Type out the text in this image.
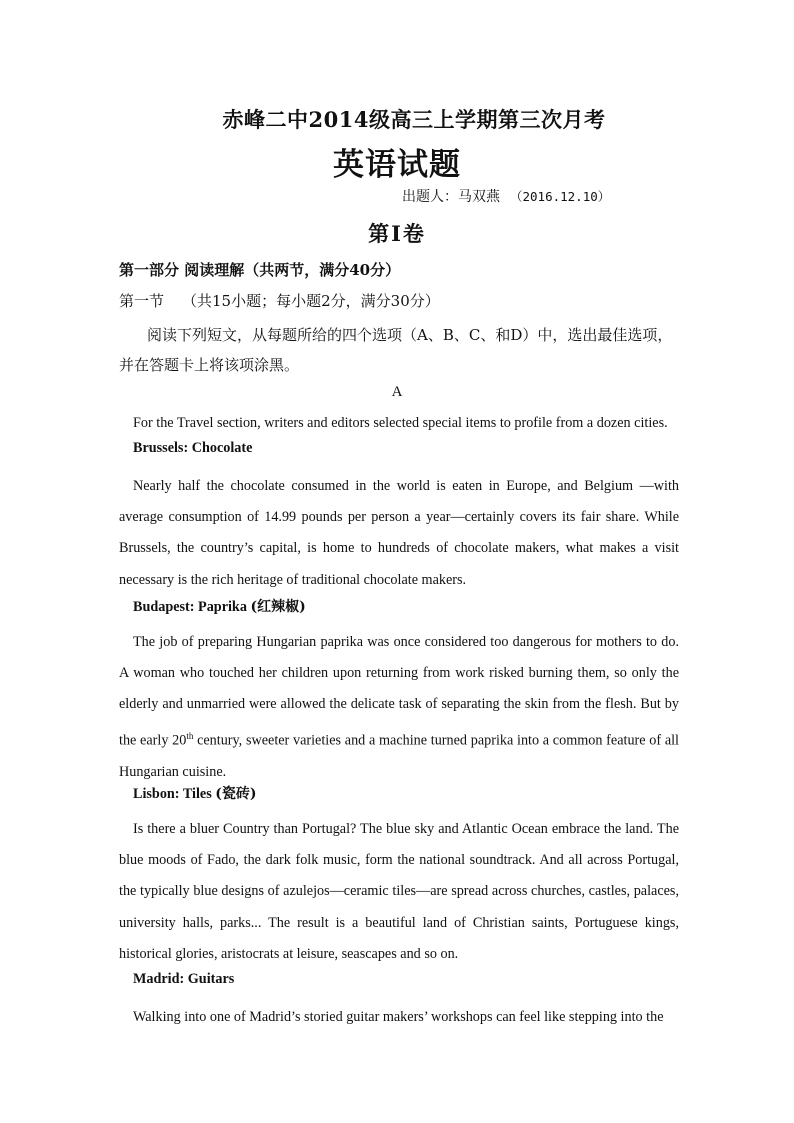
赤峰二中2014级高三上学期第三次月考
英语试题
出题人：马双燕 （2016.12.10）
第Ⅰ卷
第一部分 阅读理解（共两节，满分40分）
第一节 （共15小题；每小题2分，满分30分）
阅读下列短文，从每题所给的四个选项（A、B、C、和D）中，选出最佳选项，并在答题卡上将该项涂黑。
A
For the Travel section, writers and editors selected special items to profile from a dozen cities.
Brussels: Chocolate
Nearly half the chocolate consumed in the world is eaten in Europe, and Belgium —with average consumption of 14.99 pounds per person a year—certainly covers its fair share. While Brussels, the country’s capital, is home to hundreds of chocolate makers, what makes a visit necessary is the rich heritage of traditional chocolate makers.
Budapest: Paprika (红辣椒)
The job of preparing Hungarian paprika was once considered too dangerous for mothers to do. A woman who touched her children upon returning from work risked burning them, so only the elderly and unmarried were allowed the delicate task of separating the skin from the flesh. But by the early 20th century, sweeter varieties and a machine turned paprika into a common feature of all Hungarian cuisine.
Lisbon: Tiles (瓷砖)
Is there a bluer Country than Portugal? The blue sky and Atlantic Ocean embrace the land. The blue moods of Fado, the dark folk music, form the national soundtrack. And all across Portugal, the typically blue designs of azulejos—ceramic tiles—are spread across churches, castles, palaces, university halls, parks... The result is a beautiful land of Christian saints, Portuguese kings, historical glories, aristocrats at leisure, seascapes and so on.
Madrid: Guitars
Walking into one of Madrid’s storied guitar makers’ workshops can feel like stepping into the
